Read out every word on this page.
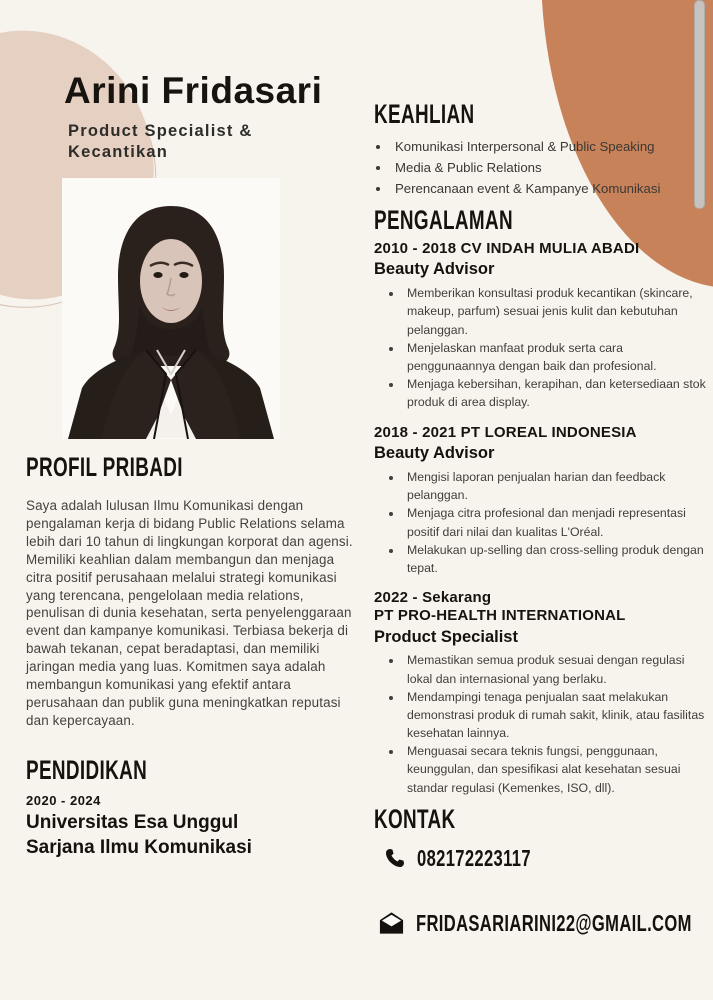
Arini Fridasari
Product Specialist &
Kecantikan
PROFIL PRIBADI

Saya adalah lulusan Ilmu Komunikasi dengan pengalaman kerja di bidang Public Relations selama lebih dari 10 tahun di lingkungan korporat dan agensi. Memiliki keahlian dalam membangun dan menjaga citra positif perusahaan melalui strategi komunikasi yang terencana, pengelolaan media relations, penulisan di dunia kesehatan, serta penyelenggaraan event dan kampanye komunikasi. Terbiasa bekerja di bawah tekanan, cepat beradaptasi, dan memiliki jaringan media yang luas. Komitmen saya adalah membangun komunikasi yang efektif antara perusahaan dan publik guna meningkatkan reputasi dan kepercayaan.

PENDIDIKAN
2020 - 2024
Universitas Esa Unggul
Sarjana Ilmu Komunikasi
KEAHLIAN
• Komunikasi Interpersonal & Public Speaking
• Media & Public Relations
• Perencanaan event & Kampanye Komunikasi
PENGALAMAN
2010 - 2018 CV INDAH MULIA ABADI
Beauty Advisor
• Memberikan konsultasi produk kecantikan (skincare, makeup, parfum) sesuai jenis kulit dan kebutuhan pelanggan.
• Menjelaskan manfaat produk serta cara penggunaannya dengan baik dan profesional.
• Menjaga kebersihan, kerapihan, dan ketersediaan stok produk di area display.
2018 - 2021 PT LOREAL INDONESIA
Beauty Advisor
• Mengisi laporan penjualan harian dan feedback pelanggan.
• Menjaga citra profesional dan menjadi representasi positif dari nilai dan kualitas L'Oréal.
• Melakukan up-selling dan cross-selling produk dengan tepat.
2022 - Sekarang
PT PRO-HEALTH INTERNATIONAL
Product Specialist
• Memastikan semua produk sesuai dengan regulasi lokal dan internasional yang berlaku.
• Mendampingi tenaga penjualan saat melakukan demonstrasi produk di rumah sakit, klinik, atau fasilitas kesehatan lainnya.
• Menguasai secara teknis fungsi, penggunaan, keunggulan, dan spesifikasi alat kesehatan sesuai standar regulasi (Kemenkes, ISO, dll).
KONTAK
082172223117
FRIDASARIARINI22@GMAIL.COM
